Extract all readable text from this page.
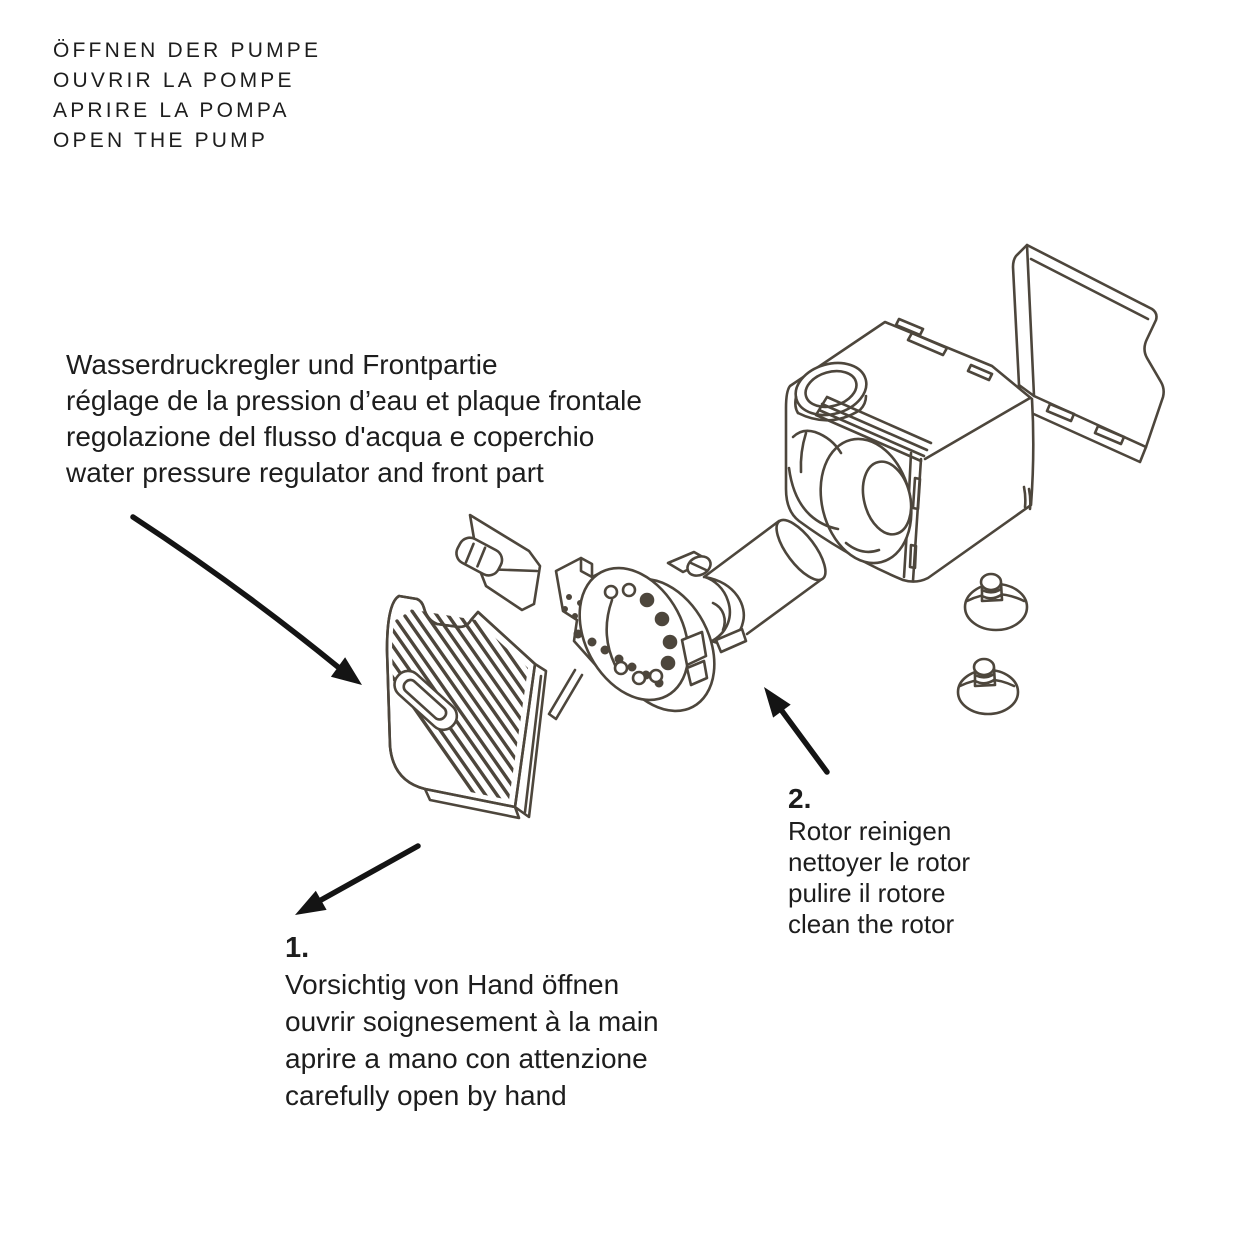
ÖFFNEN DER PUMPE
OUVRIR LA POMPE
APRIRE LA POMPA
OPEN THE PUMP
Wasserdruckregler und Frontpartie
réglage de la pression d’eau et plaque frontale
regolazione del flusso d'acqua e coperchio
water pressure regulator and front part
1.
Vorsichtig von Hand öffnen
ouvrir soignesement à la main
aprire a mano con attenzione
carefully open by hand
2.
Rotor reinigen
nettoyer le rotor
pulire il rotore
clean the rotor
